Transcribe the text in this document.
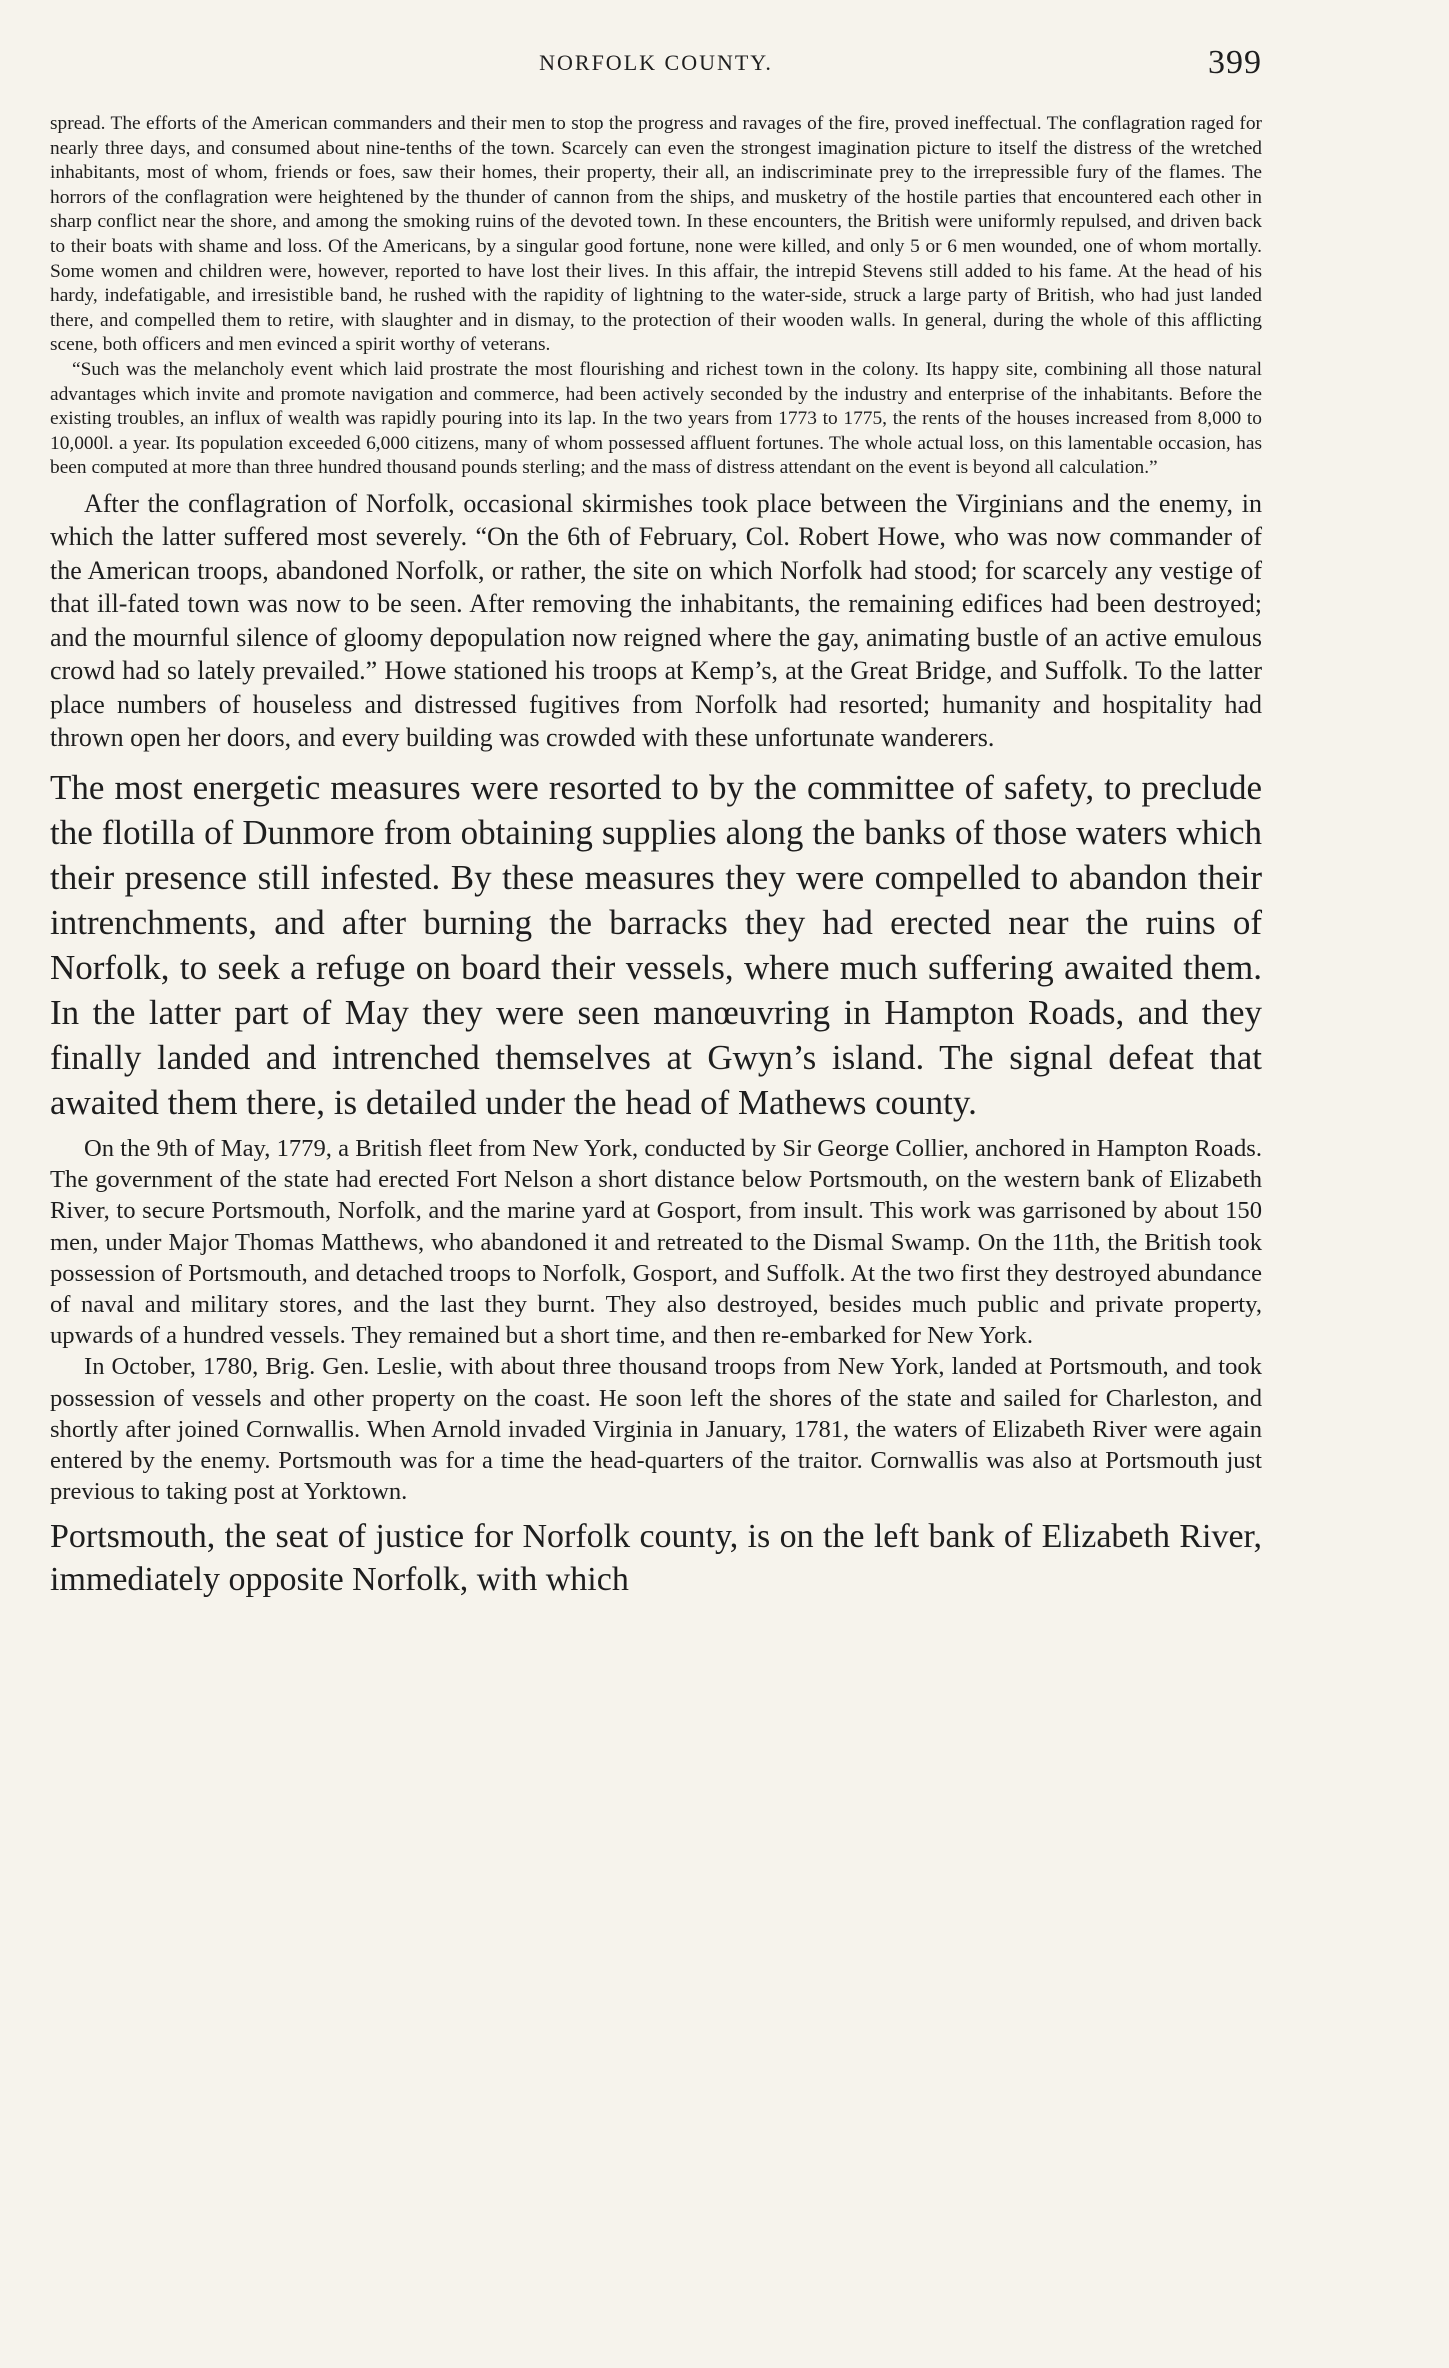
NORFOLK COUNTY.	399

spread. The efforts of the American commanders and their men to stop the progress and ravages of the fire, proved ineffectual. The conflagration raged for nearly three days, and consumed about nine-tenths of the town. Scarcely can even the strongest imagination picture to itself the distress of the wretched inhabitants, most of whom, friends or foes, saw their homes, their property, their all, an indiscriminate prey to the irrepressible fury of the flames. The horrors of the conflagration were heightened by the thunder of cannon from the ships, and musketry of the hostile parties that encountered each other in sharp conflict near the shore, and among the smoking ruins of the devoted town. In these encounters, the British were uniformly repulsed, and driven back to their boats with shame and loss. Of the Americans, by a singular good fortune, none were killed, and only 5 or 6 men wounded, one of whom mortally. Some women and children were, however, reported to have lost their lives. In this affair, the intrepid Stevens still added to his fame. At the head of his hardy, indefatigable, and irresistible band, he rushed with the rapidity of lightning to the water-side, struck a large party of British, who had just landed there, and compelled them to retire, with slaughter and in dismay, to the protection of their wooden walls. In general, during the whole of this afflicting scene, both officers and men evinced a spirit worthy of veterans.

“Such was the melancholy event which laid prostrate the most flourishing and richest town in the colony. Its happy site, combining all those natural advantages which invite and promote navigation and commerce, had been actively seconded by the industry and enterprise of the inhabitants. Before the existing troubles, an influx of wealth was rapidly pouring into its lap. In the two years from 1773 to 1775, the rents of the houses increased from 8,000 to 10,000l. a year. Its population exceeded 6,000 citizens, many of whom possessed affluent fortunes. The whole actual loss, on this lamentable occasion, has been computed at more than three hundred thousand pounds sterling; and the mass of distress attendant on the event is beyond all calculation.”

After the conflagration of Norfolk, occasional skirmishes took place between the Virginians and the enemy, in which the latter suffered most severely. “On the 6th of February, Col. Robert Howe, who was now commander of the American troops, abandoned Norfolk, or rather, the site on which Norfolk had stood; for scarcely any vestige of that ill-fated town was now to be seen. After removing the inhabitants, the remaining edifices had been destroyed; and the mournful silence of gloomy depopulation now reigned where the gay, animating bustle of an active emulous crowd had so lately prevailed.” Howe stationed his troops at Kemp’s, at the Great Bridge, and Suffolk. To the latter place numbers of houseless and distressed fugitives from Norfolk had resorted; humanity and hospitality had thrown open her doors, and every building was crowded with these unfortunate wanderers.

The most energetic measures were resorted to by the committee of safety, to preclude the flotilla of Dunmore from obtaining supplies along the banks of those waters which their presence still infested. By these measures they were compelled to abandon their intrenchments, and after burning the barracks they had erected near the ruins of Norfolk, to seek a refuge on board their vessels, where much suffering awaited them. In the latter part of May they were seen manœuvring in Hampton Roads, and they finally landed and intrenched themselves at Gwyn’s island. The signal defeat that awaited them there, is detailed under the head of Mathews county.

On the 9th of May, 1779, a British fleet from New York, conducted by Sir George Collier, anchored in Hampton Roads. The government of the state had erected Fort Nelson a short distance below Portsmouth, on the western bank of Elizabeth River, to secure Portsmouth, Norfolk, and the marine yard at Gosport, from insult. This work was garrisoned by about 150 men, under Major Thomas Matthews, who abandoned it and retreated to the Dismal Swamp. On the 11th, the British took possession of Portsmouth, and detached troops to Norfolk, Gosport, and Suffolk. At the two first they destroyed abundance of naval and military stores, and the last they burnt. They also destroyed, besides much public and private property, upwards of a hundred vessels. They remained but a short time, and then re-embarked for New York.

In October, 1780, Brig. Gen. Leslie, with about three thousand troops from New York, landed at Portsmouth, and took possession of vessels and other property on the coast. He soon left the shores of the state and sailed for Charleston, and shortly after joined Cornwallis. When Arnold invaded Virginia in January, 1781, the waters of Elizabeth River were again entered by the enemy. Portsmouth was for a time the head-quarters of the traitor. Cornwallis was also at Portsmouth just previous to taking post at Yorktown.

Portsmouth, the seat of justice for Norfolk county, is on the left bank of Elizabeth River, immediately opposite Norfolk, with which
